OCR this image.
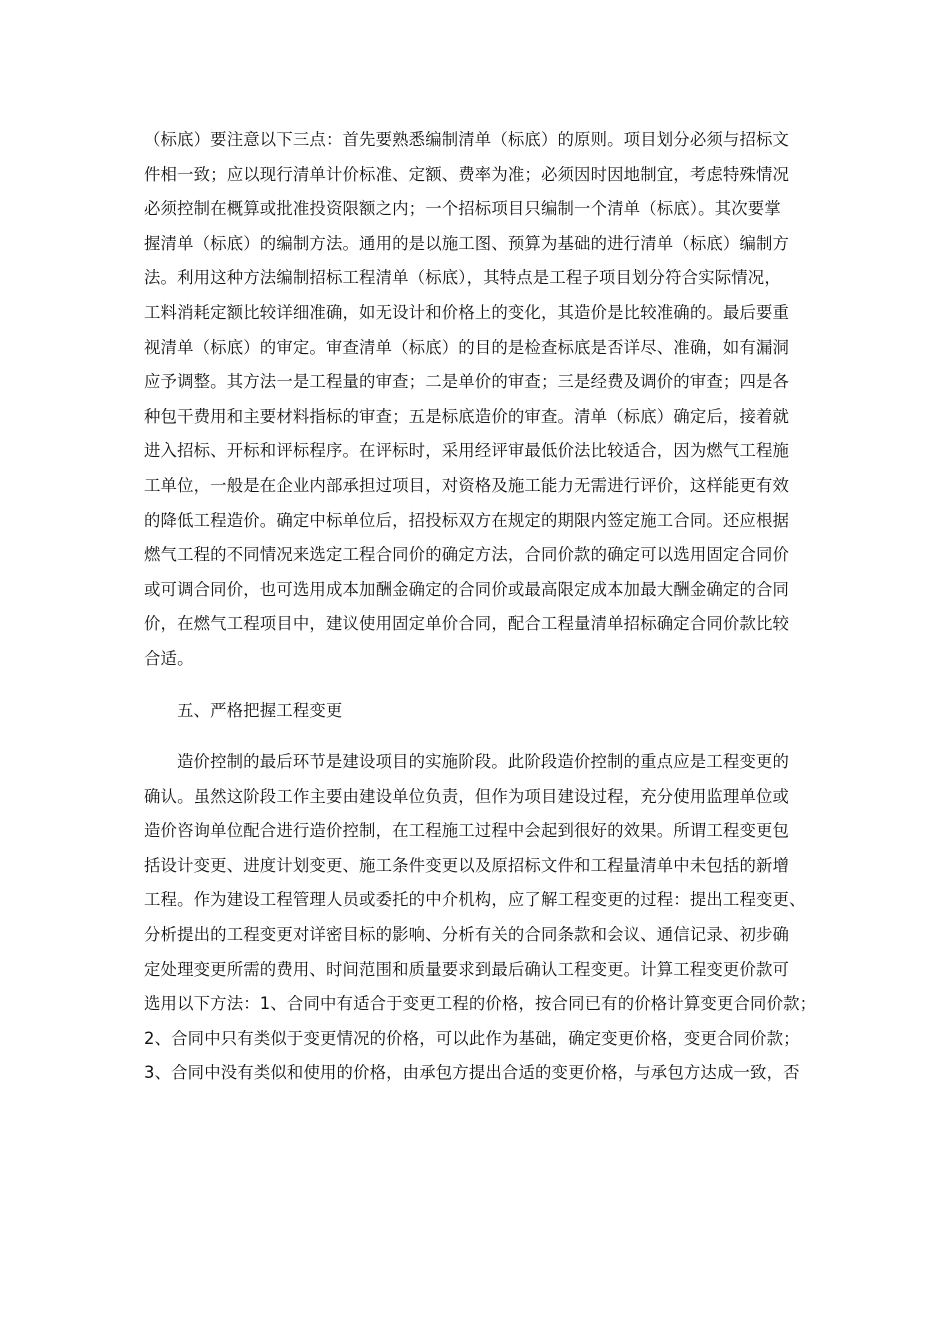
（标底）要注意以下三点：首先要熟悉编制清单（标底）的原则。项目划分必须与招标文
件相一致；应以现行清单计价标准、定额、费率为准；必须因时因地制宜，考虑特殊情况
必须控制在概算或批准投资限额之内；一个招标项目只编制一个清单（标底）。其次要掌
握清单（标底）的编制方法。通用的是以施工图、预算为基础的进行清单（标底）编制方
法。利用这种方法编制招标工程清单（标底），其特点是工程子项目划分符合实际情况，
工料消耗定额比较详细准确，如无设计和价格上的变化，其造价是比较准确的。最后要重
视清单（标底）的审定。审查清单（标底）的目的是检查标底是否详尽、准确，如有漏洞
应予调整。其方法一是工程量的审查；二是单价的审查；三是经费及调价的审查；四是各
种包干费用和主要材料指标的审查；五是标底造价的审查。清单（标底）确定后，接着就
进入招标、开标和评标程序。在评标时，采用经评审最低价法比较适合，因为燃气工程施
工单位，一般是在企业内部承担过项目，对资格及施工能力无需进行评价，这样能更有效
的降低工程造价。确定中标单位后，招投标双方在规定的期限内签定施工合同。还应根据
燃气工程的不同情况来选定工程合同价的确定方法，合同价款的确定可以选用固定合同价
或可调合同价，也可选用成本加酬金确定的合同价或最高限定成本加最大酬金确定的合同
价，在燃气工程项目中，建议使用固定单价合同，配合工程量清单招标确定合同价款比较
合适。
五、严格把握工程变更
造价控制的最后环节是建设项目的实施阶段。此阶段造价控制的重点应是工程变更的
确认。虽然这阶段工作主要由建设单位负责，但作为项目建设过程，充分使用监理单位或
造价咨询单位配合进行造价控制，在工程施工过程中会起到很好的效果。所谓工程变更包
括设计变更、进度计划变更、施工条件变更以及原招标文件和工程量清单中未包括的新增
工程。作为建设工程管理人员或委托的中介机构，应了解工程变更的过程：提出工程变更、
分析提出的工程变更对详密目标的影响、分析有关的合同条款和会议、通信记录、初步确
定处理变更所需的费用、时间范围和质量要求到最后确认工程变更。计算工程变更价款可
选用以下方法：1、合同中有适合于变更工程的价格，按合同已有的价格计算变更合同价款；
2、合同中只有类似于变更情况的价格，可以此作为基础，确定变更价格，变更合同价款；
3、合同中没有类似和使用的价格，由承包方提出合适的变更价格，与承包方达成一致，否
